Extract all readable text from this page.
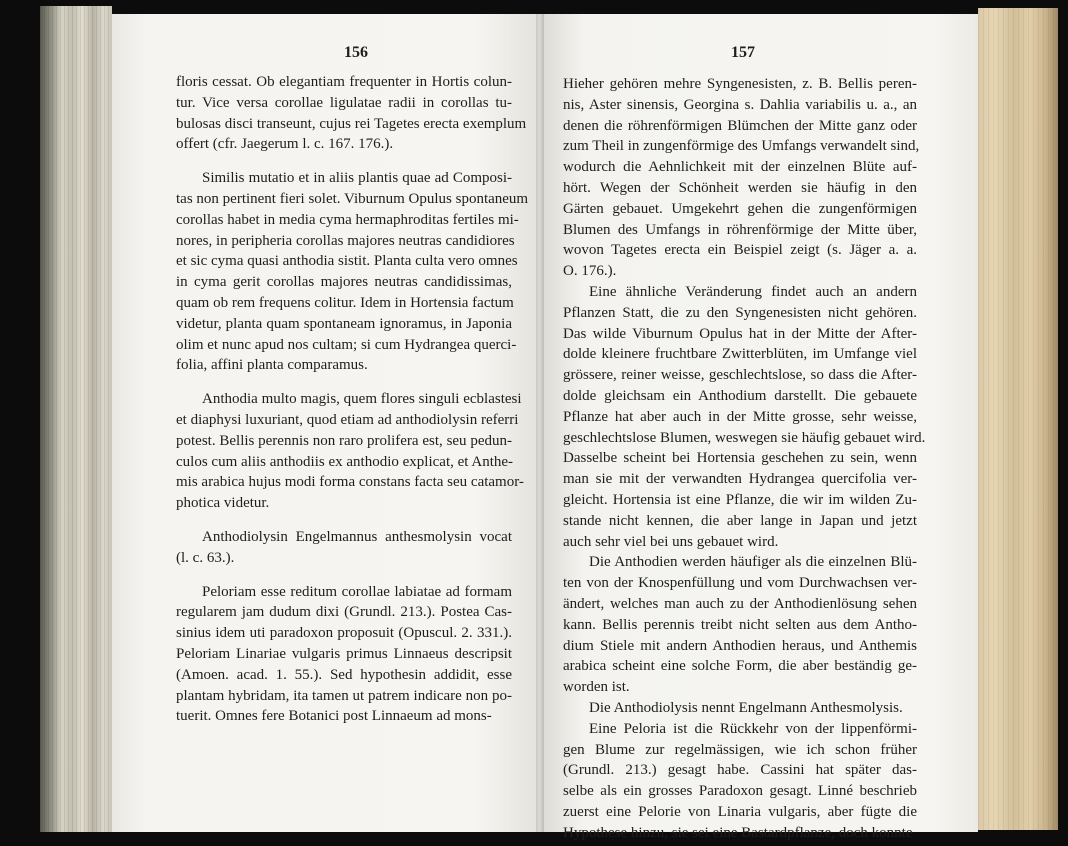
156	157
floris cessat. Ob elegantiam frequenter in Hortis colun-
tur. Vice versa corollae ligulatae radii in corollas tu-
bulosas disci transeunt, cujus rei Tagetes erecta exemplum
offert (cfr. Jaegerum l. c. 167. 176.).
Similis mutatio et in aliis plantis quae ad Composi-
tas non pertinent fieri solet. Viburnum Opulus spontaneum
corollas habet in media cyma hermaphroditas fertiles mi-
nores, in peripheria corollas majores neutras candidiores
et sic cyma quasi anthodia sistit. Planta culta vero omnes
in cyma gerit corollas majores neutras candidissimas,
quam ob rem frequens colitur. Idem in Hortensia factum
videtur, planta quam spontaneam ignoramus, in Japonia
olim et nunc apud nos cultam; si cum Hydrangea querci-
folia, affini planta comparamus.
Anthodia multo magis, quem flores singuli ecblastesi
et diaphysi luxuriant, quod etiam ad anthodiolysin referri
potest. Bellis perennis non raro prolifera est, seu pedun-
culos cum aliis anthodiis ex anthodio explicat, et Anthe-
mis arabica hujus modi forma constans facta seu catamor-
photica videtur.
Anthodiolysin Engelmannus anthesmolysin vocat
(l. c. 63.).
Peloriam esse reditum corollae labiatae ad formam
regularem jam dudum dixi (Grundl. 213.). Postea Cas-
sinius idem uti paradoxon proposuit (Opuscul. 2. 331.).
Peloriam Linariae vulgaris primus Linnaeus descripsit
(Amoen. acad. 1. 55.). Sed hypothesin addidit, esse
plantam hybridam, ita tamen ut patrem indicare non po-
tuerit. Omnes fere Botanici post Linnaeum ad mons-
Hieher gehören mehre Syngenesisten, z. B. Bellis peren-
nis, Aster sinensis, Georgina s. Dahlia variabilis u. a., an
denen die röhrenförmigen Blümchen der Mitte ganz oder
zum Theil in zungenförmige des Umfangs verwandelt sind,
wodurch die Aehnlichkeit mit der einzelnen Blüte auf-
hört. Wegen der Schönheit werden sie häufig in den
Gärten gebauet. Umgekehrt gehen die zungenförmigen
Blumen des Umfangs in röhrenförmige der Mitte über,
wovon Tagetes erecta ein Beispiel zeigt (s. Jäger a. a.
O. 176.).
Eine ähnliche Veränderung findet auch an andern
Pflanzen Statt, die zu den Syngenesisten nicht gehören.
Das wilde Viburnum Opulus hat in der Mitte der After-
dolde kleinere fruchtbare Zwitterblüten, im Umfange viel
grössere, reiner weisse, geschlechtslose, so dass die After-
dolde gleichsam ein Anthodium darstellt. Die gebauete
Pflanze hat aber auch in der Mitte grosse, sehr weisse,
geschlechtslose Blumen, weswegen sie häufig gebauet wird.
Dasselbe scheint bei Hortensia geschehen zu sein, wenn
man sie mit der verwandten Hydrangea quercifolia ver-
gleicht. Hortensia ist eine Pflanze, die wir im wilden Zu-
stande nicht kennen, die aber lange in Japan und jetzt
auch sehr viel bei uns gebauet wird.
Die Anthodien werden häufiger als die einzelnen Blü-
ten von der Knospenfüllung und vom Durchwachsen ver-
ändert, welches man auch zu der Anthodienlösung sehen
kann. Bellis perennis treibt nicht selten aus dem Antho-
dium Stiele mit andern Anthodien heraus, und Anthemis
arabica scheint eine solche Form, die aber beständig ge-
worden ist.
Die Anthodiolysis nennt Engelmann Anthesmolysis.
Eine Peloria ist die Rückkehr von der lippenförmi-
gen Blume zur regelmässigen, wie ich schon früher
(Grundl. 213.) gesagt habe. Cassini hat später das-
selbe als ein grosses Paradoxon gesagt. Linné beschrieb
zuerst eine Pelorie von Linaria vulgaris, aber fügte die
Hypothese hinzu, sie sei eine Bastardpflanze, doch konnte
